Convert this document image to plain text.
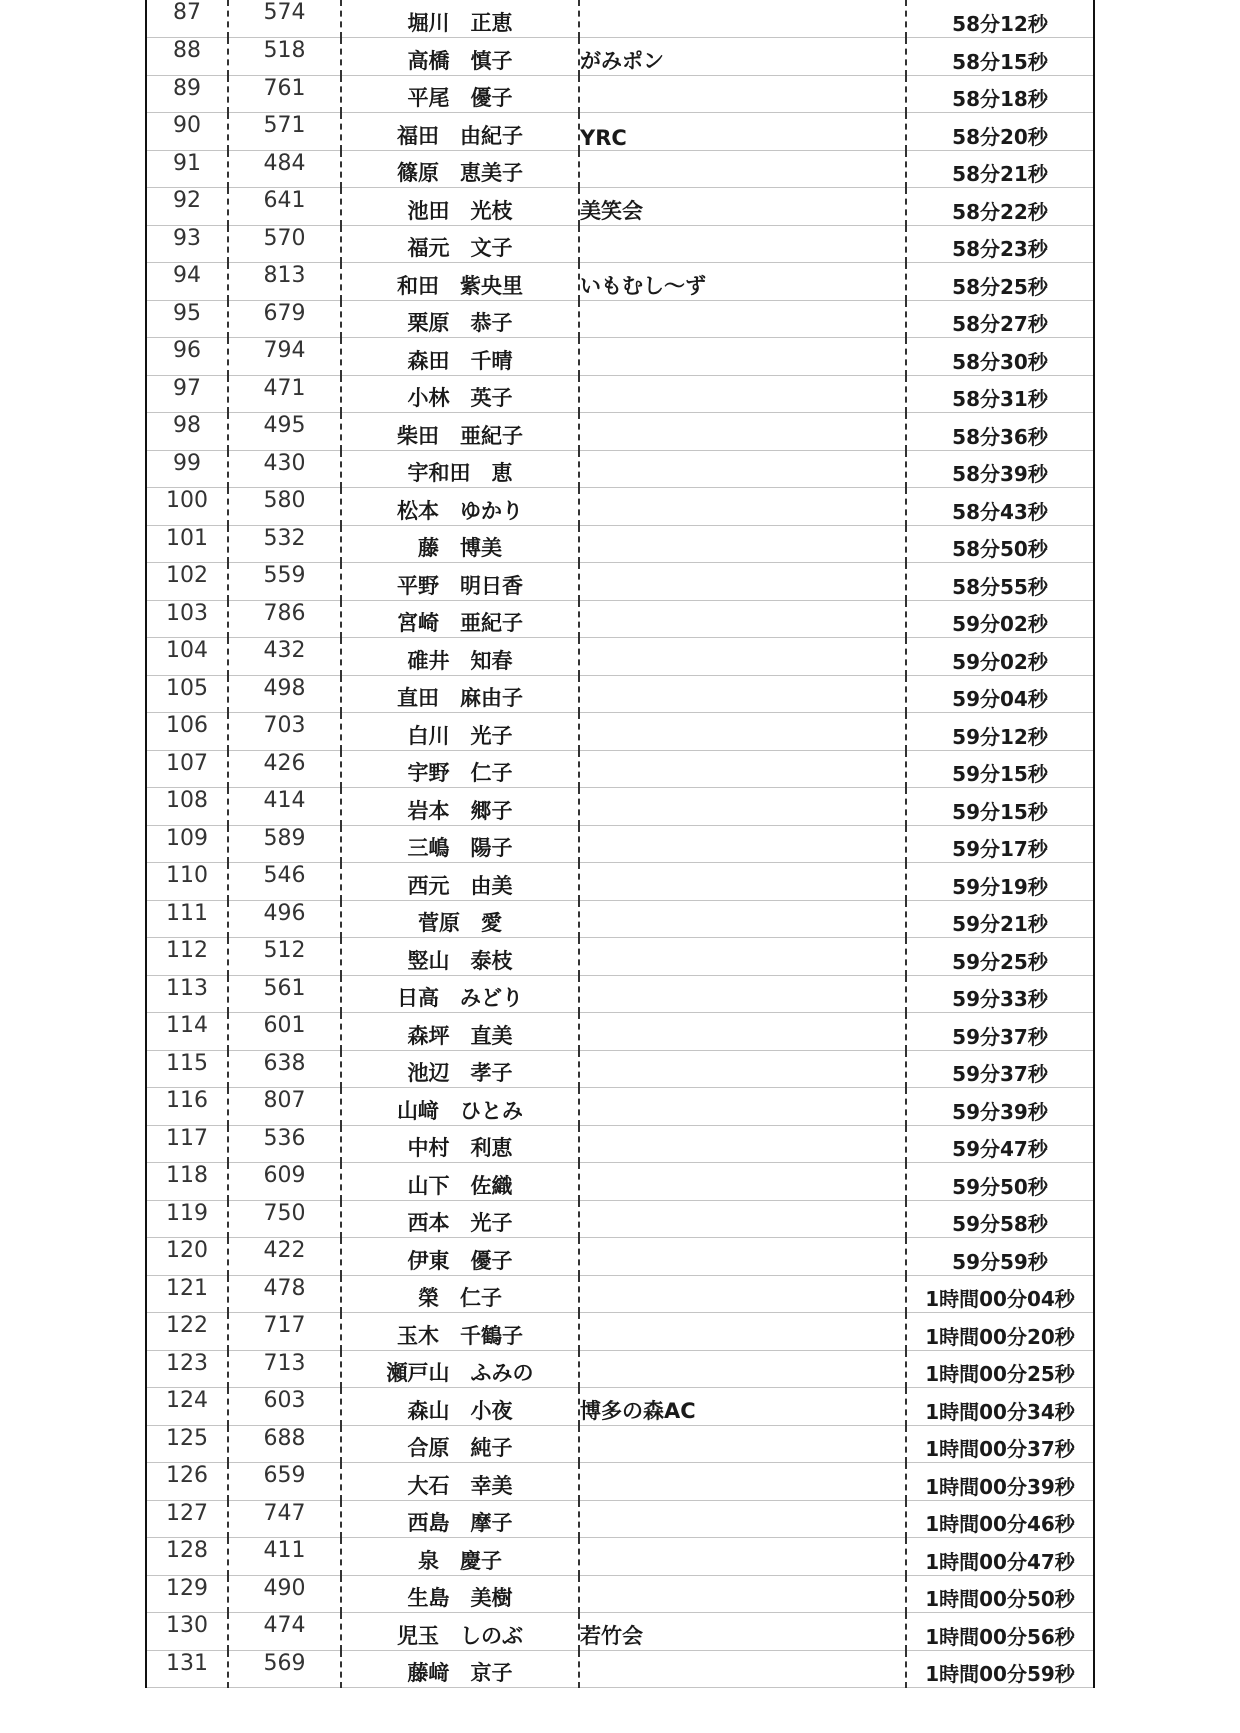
87	574	堀川　正恵		58分12秒
88	518	高橋　慎子	がみポン	58分15秒
89	761	平尾　優子		58分18秒
90	571	福田　由紀子	YRC	58分20秒
91	484	篠原　恵美子		58分21秒
92	641	池田　光枝	美笑会	58分22秒
93	570	福元　文子		58分23秒
94	813	和田　紫央里	いもむし～ず	58分25秒
95	679	栗原　恭子		58分27秒
96	794	森田　千晴		58分30秒
97	471	小林　英子		58分31秒
98	495	柴田　亜紀子		58分36秒
99	430	宇和田　恵		58分39秒
100	580	松本　ゆかり		58分43秒
101	532	藤　博美		58分50秒
102	559	平野　明日香		58分55秒
103	786	宮崎　亜紀子		59分02秒
104	432	碓井　知春		59分02秒
105	498	直田　麻由子		59分04秒
106	703	白川　光子		59分12秒
107	426	宇野　仁子		59分15秒
108	414	岩本　郷子		59分15秒
109	589	三嶋　陽子		59分17秒
110	546	西元　由美		59分19秒
111	496	菅原　愛		59分21秒
112	512	竪山　泰枝		59分25秒
113	561	日高　みどり		59分33秒
114	601	森坪　直美		59分37秒
115	638	池辺　孝子		59分37秒
116	807	山﨑　ひとみ		59分39秒
117	536	中村　利恵		59分47秒
118	609	山下　佐織		59分50秒
119	750	西本　光子		59分58秒
120	422	伊東　優子		59分59秒
121	478	榮　仁子		1時間00分04秒
122	717	玉木　千鶴子		1時間00分20秒
123	713	瀬戸山　ふみの		1時間00分25秒
124	603	森山　小夜	博多の森AC	1時間00分34秒
125	688	合原　純子		1時間00分37秒
126	659	大石　幸美		1時間00分39秒
127	747	西島　摩子		1時間00分46秒
128	411	泉　慶子		1時間00分47秒
129	490	生島　美樹		1時間00分50秒
130	474	児玉　しのぶ	若竹会	1時間00分56秒
131	569	藤﨑　京子		1時間00分59秒
